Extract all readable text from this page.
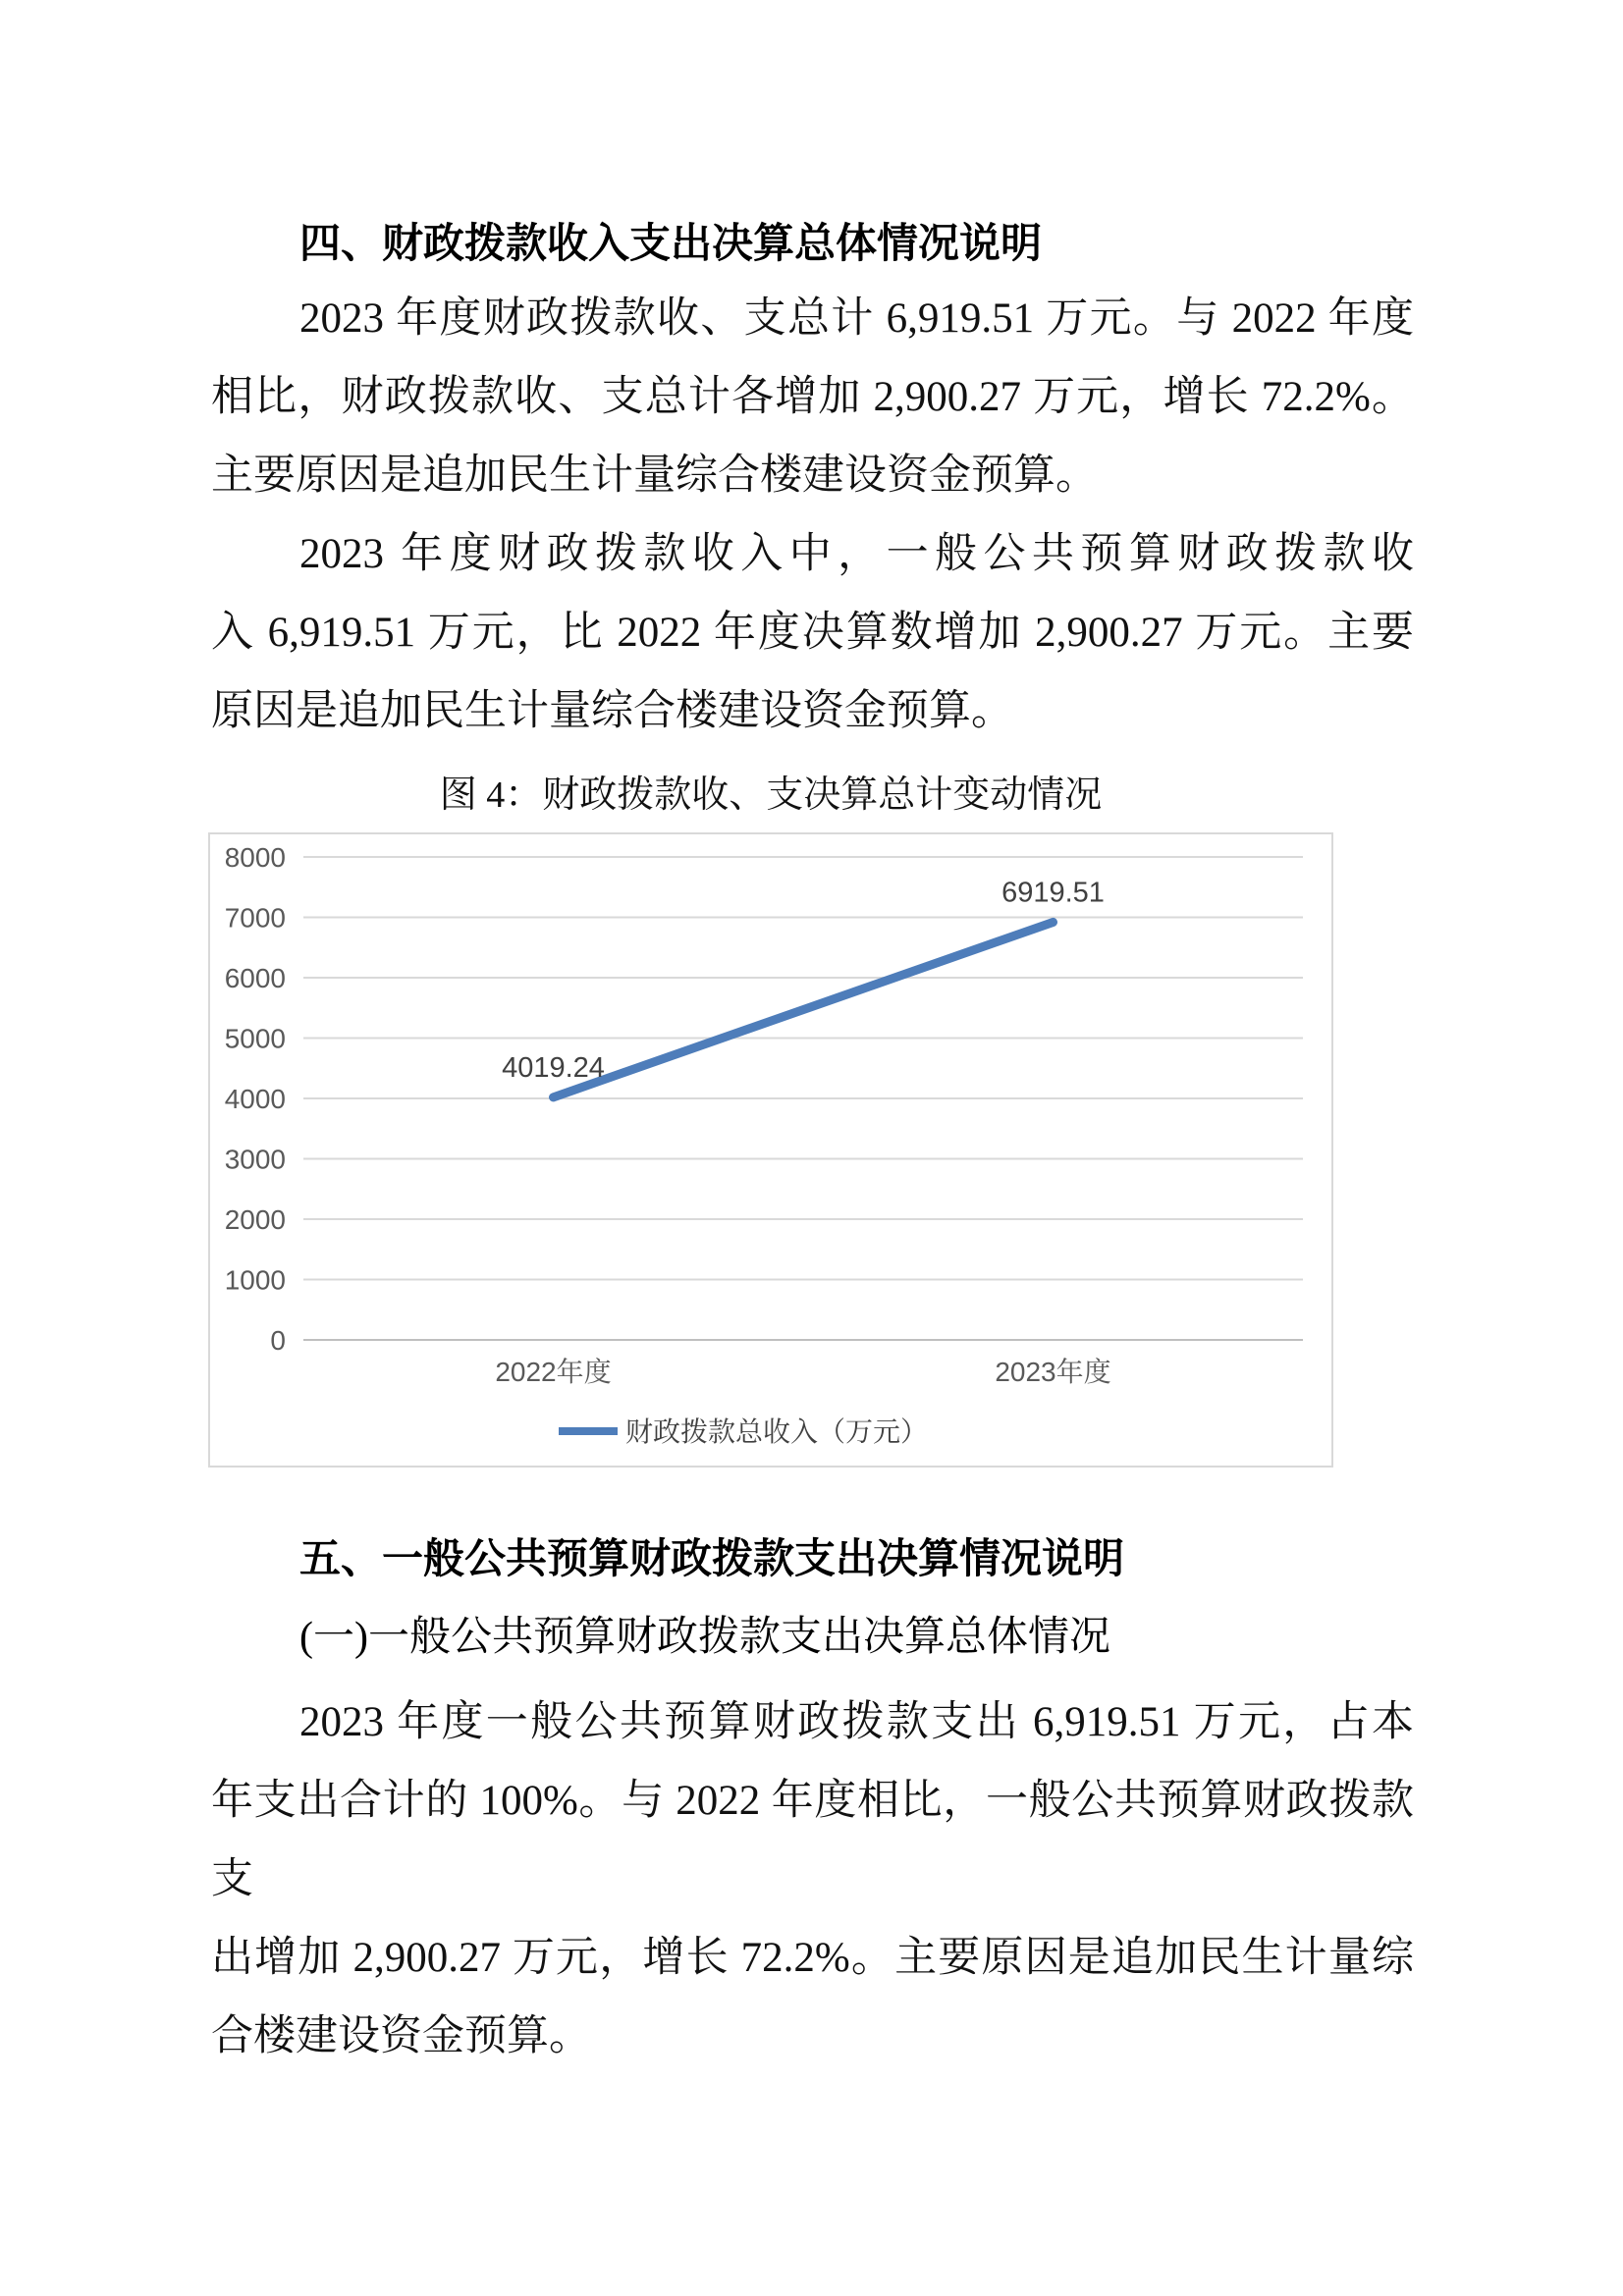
四、财政拨款收入支出决算总体情况说明
2023 年度财政拨款收、支总计 6,919.51 万元。与 2022 年度
相比，财政拨款收、支总计各增加 2,900.27 万元，增长 72.2%。
主要原因是追加民生计量综合楼建设资金预算。
2023 年度财政拨款收入中，一般公共预算财政拨款收
入 6,919.51 万元，比 2022 年度决算数增加 2,900.27 万元。主要
原因是追加民生计量综合楼建设资金预算。
图 4：财政拨款收、支决算总计变动情况
0
1000
2000
3000
4000
5000
6000
7000
8000
2022年度	2023年度
4019.24
6919.51
财政拨款总收入（万元）
五、一般公共预算财政拨款支出决算情况说明
(一)一般公共预算财政拨款支出决算总体情况
2023 年度一般公共预算财政拨款支出 6,919.51 万元，占本
年支出合计的 100%。与 2022 年度相比，一般公共预算财政拨款支
出增加 2,900.27 万元，增长 72.2%。主要原因是追加民生计量综
合楼建设资金预算。
